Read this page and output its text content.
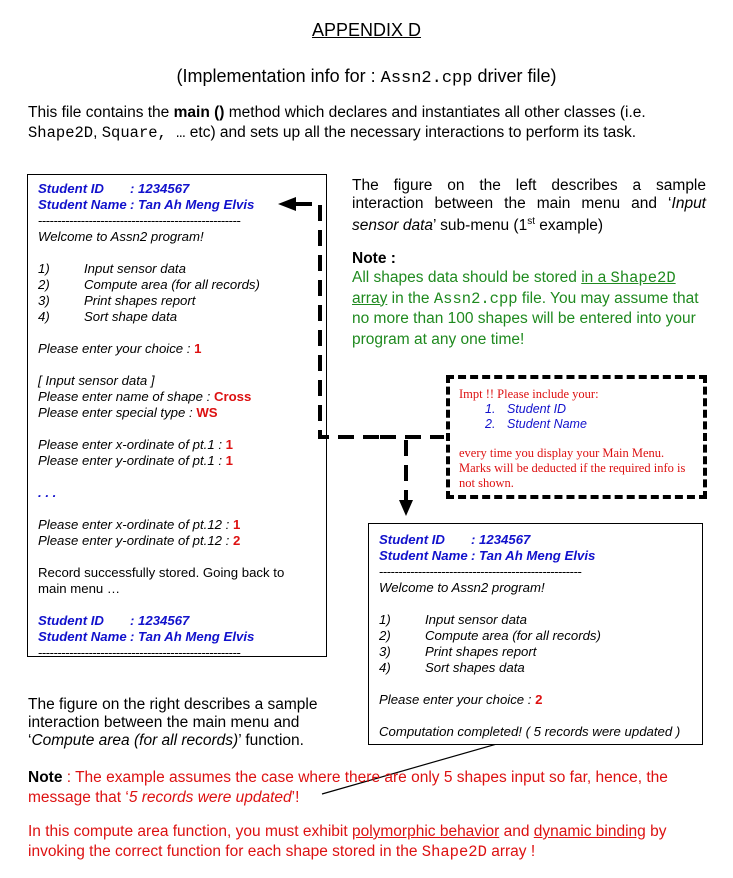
APPENDIX D
(Implementation info for : Assn2.cpp driver file)
This file contains the main () method which declares and instantiates all other classes (i.e. Shape2D, Square, … etc) and sets up all the necessary interactions to perform its task.
Student ID : 1234567
Student Name : Tan Ah Meng Elvis
----------------------------------------------------
Welcome to Assn2 program!
1)	Input sensor data
2)	Compute area (for all records)
3)	Print shapes report
4)	Sort shape data
Please enter your choice : 1
[ Input sensor data ]
Please enter name of shape : Cross
Please enter special type : WS
Please enter x-ordinate of pt.1 : 1
Please enter y-ordinate of pt.1 : 1
. . .
Please enter x-ordinate of pt.12 : 1
Please enter y-ordinate of pt.12 : 2
Record successfully stored. Going back to main menu …
Student ID : 1234567
Student Name : Tan Ah Meng Elvis
----------------------------------------------------
The figure on the left describes a sample interaction between the main menu and ‘Input sensor data’ sub-menu (1st example)
Note :
All shapes data should be stored in a Shape2D array in the Assn2.cpp file. You may assume that no more than 100 shapes will be entered into your program at any one time!
Impt !! Please include your:
1. Student ID
2. Student Name
every time you display your Main Menu. Marks will be deducted if the required info is not shown.
Student ID : 1234567
Student Name : Tan Ah Meng Elvis
----------------------------------------------------
Welcome to Assn2 program!
1)	Input sensor data
2)	Compute area (for all records)
3)	Print shapes report
4)	Sort shapes data
Please enter your choice : 2
Computation completed! ( 5 records were updated )
The figure on the right describes a sample interaction between the main menu and ‘Compute area (for all records)’ function.
Note : The example assumes the case where there are only 5 shapes input so far, hence, the message that ‘5 records were updated’!
In this compute area function, you must exhibit polymorphic behavior and dynamic binding by invoking the correct function for each shape stored in the Shape2D array !
